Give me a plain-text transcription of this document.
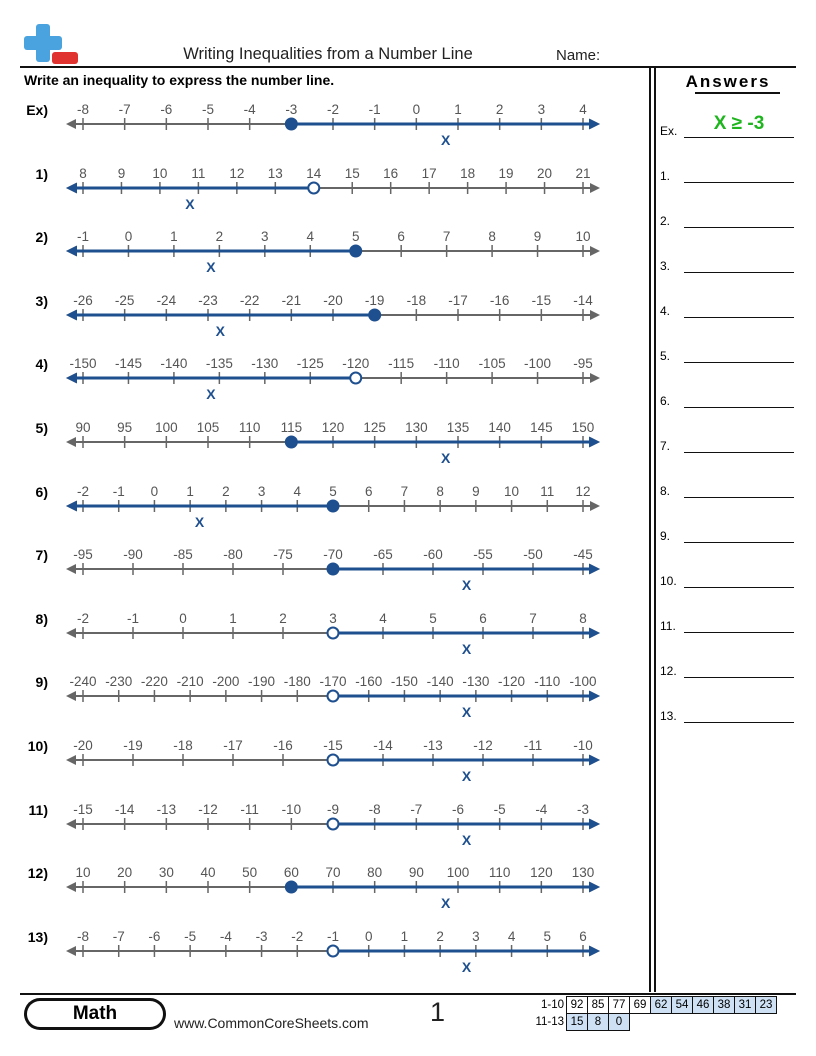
Writing Inequalities from a Number Line	Name:
Write an inequality to express the number line.	Answers
Ex.	X ≥ -3
1.
2.
3.
4.
5.
6.
7.
8.
9.
10.
11.
12.
13.
Ex) -8 -7 -6 -5 -4 -3 -2 -1 0	1	2	3	4
X
1) 8 9 10 11 12 13 14 15 16 17 18 19 20 21
X
2) -1	0	1	2	3	4	5	6	7	8	9	10
X
3) -26 -25 -24 -23 -22 -21 -20 -19 -18 -17 -16 -15 -14
X
4) -150 -145 -140 -135 -130 -125 -120 -115 -110 -105 -100 -95
X
5) 90 95 100 105 110 115 120 125 130 135 140 145 150
X
6) -2 -1 0 1 2 3 4 5 6 7 8 9 10 11 12
X
7) -95 -90 -85 -80 -75 -70 -65 -60 -55 -50 -45
X
8) -2	-1	0	1	2	3	4	5	6	7	8
X
9) -240 -230 -220 -210 -200 -190 -180 -170 -160 -150 -140 -130 -120 -110 -100
X
10) -20 -19 -18 -17 -16 -15 -14 -13 -12 -11 -10
X
11) -15 -14 -13 -12 -11 -10 -9 -8 -7 -6 -5 -4 -3
X
12) 10 20 30 40 50 60 70 80 90 100 110 120 130
X
13) -8 -7 -6 -5 -4 -3 -2 -1 0 1 2 3 4 5 6
X
Math	www.CommonCoreSheets.com 1	1-10	92	85	77	69	62	54	46	38	31	23
11-13	15	8	0							
